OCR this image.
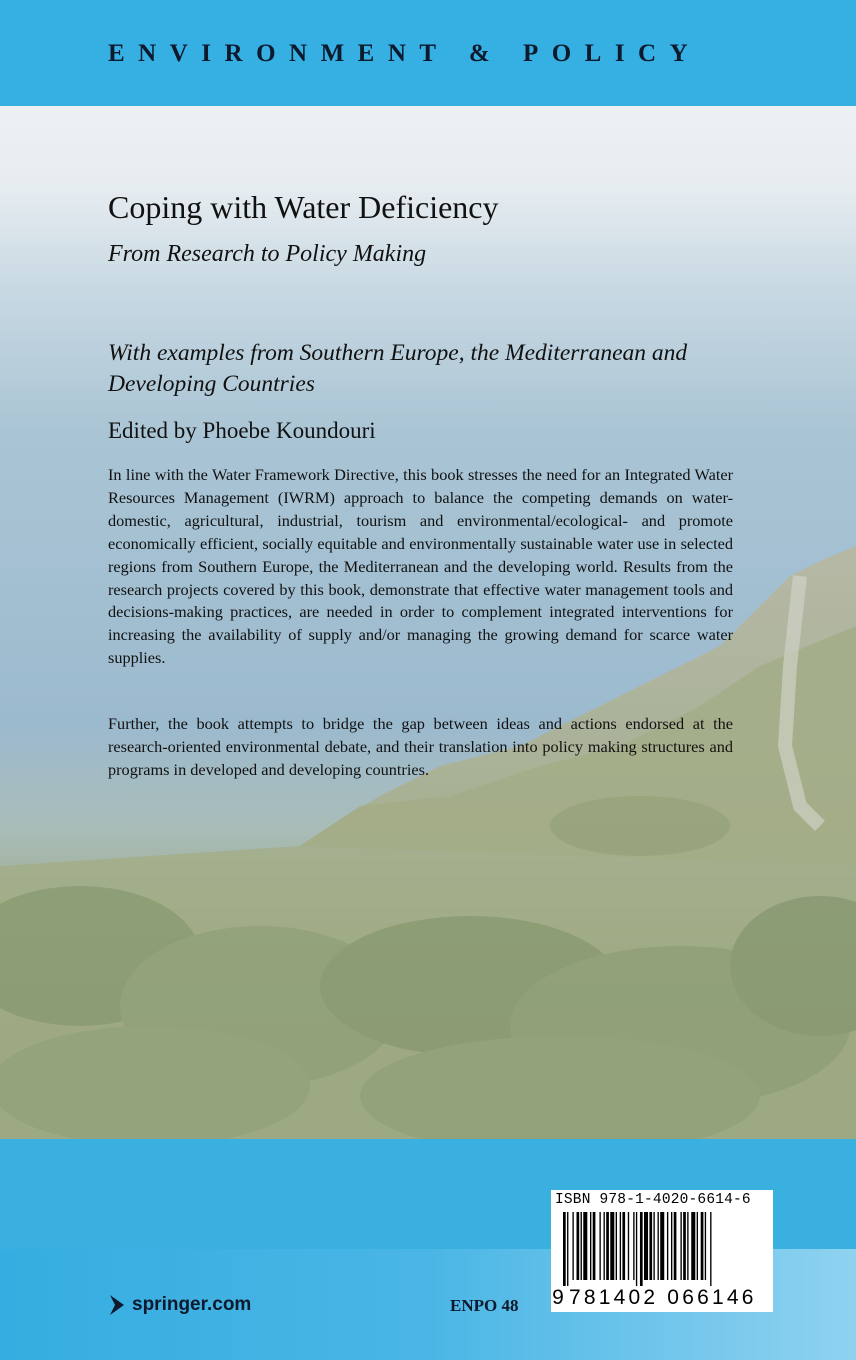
ENVIRONMENT & POLICY
Coping with Water Deficiency
From Research to Policy Making
With examples from Southern Europe, the Mediterranean and
Developing Countries
Edited by Phoebe Koundouri
In line with the Water Framework Directive, this book stresses the need for an Integrated Water Resources Management (IWRM) approach to balance the competing demands on water-domestic, agricultural, industrial, tourism and environmental/ecological- and promote economically efficient, socially equitable and environmentally sustainable water use in selected regions from Southern Europe, the Mediterranean and the developing world. Results from the research projects covered by this book, demonstrate that effective water management tools and decisions-making practices, are needed in order to complement integrated interventions for increasing the availability of supply and/or managing the growing demand for scarce water supplies.
Further, the book attempts to bridge the gap between ideas and actions endorsed at the research-oriented environmental debate, and their translation into policy making structures and programs in developed and developing countries.
springer.com	ENPO 48
ISBN 978-1-4020-6614-6
9 781402 066146
